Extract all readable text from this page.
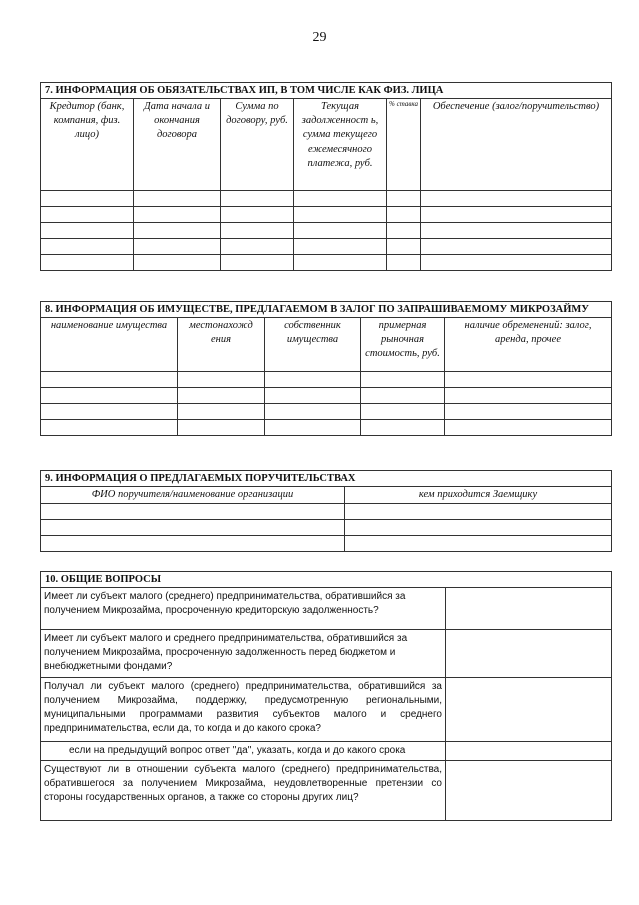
29
7. ИНФОРМАЦИЯ ОБ ОБЯЗАТЕЛЬСТВАХ ИП, В ТОМ ЧИСЛЕ КАК ФИЗ. ЛИЦА					
Кредитор (банк, компания, физ. лицо)	Дата начала и окончания договора	Сумма по договору, руб.	Текущая задолженност ь, сумма текущего ежемесячного платежа, руб.	% ставка	Обеспечение (залог/поручительство)

8. ИНФОРМАЦИЯ ОБ ИМУЩЕСТВЕ, ПРЕДЛАГАЕМОМ В ЗАЛОГ ПО ЗАПРАШИВАЕМОМУ МИКРОЗАЙМУ				
наименование имущества	местонахожд ения	собственник имущества	примерная рыночная стоимость, руб.	наличие обременений: залог, аренда, прочее

9. ИНФОРМАЦИЯ О ПРЕДЛАГАЕМЫХ ПОРУЧИТЕЛЬСТВАХ	
ФИО поручителя/наименование организации	кем приходится Заемщику

10. ОБЩИЕ ВОПРОСЫ	
Имеет ли субъект малого (среднего) предпринимательства, обратившийся за получением Микрозайма, просроченную кредиторскую задолженность?	
Имеет ли субъект малого и среднего предпринимательства, обратившийся за получением Микрозайма, просроченную задолженность перед бюджетом и внебюджетными фондами?	
Получал ли субъект малого (среднего) предпринимательства, обратившийся за получением Микрозайма, поддержку, предусмотренную региональными, муниципальными программами развития субъектов малого и среднего предпринимательства, если да, то когда и до какого срока?	
если на предыдущий вопрос ответ "да", указать, когда и до какого срока	
Существуют ли в отношении субъекта малого (среднего) предпринимательства, обратившегося за получением Микрозайма, неудовлетворенные претензии со стороны государственных органов, а также со стороны других лиц?	
